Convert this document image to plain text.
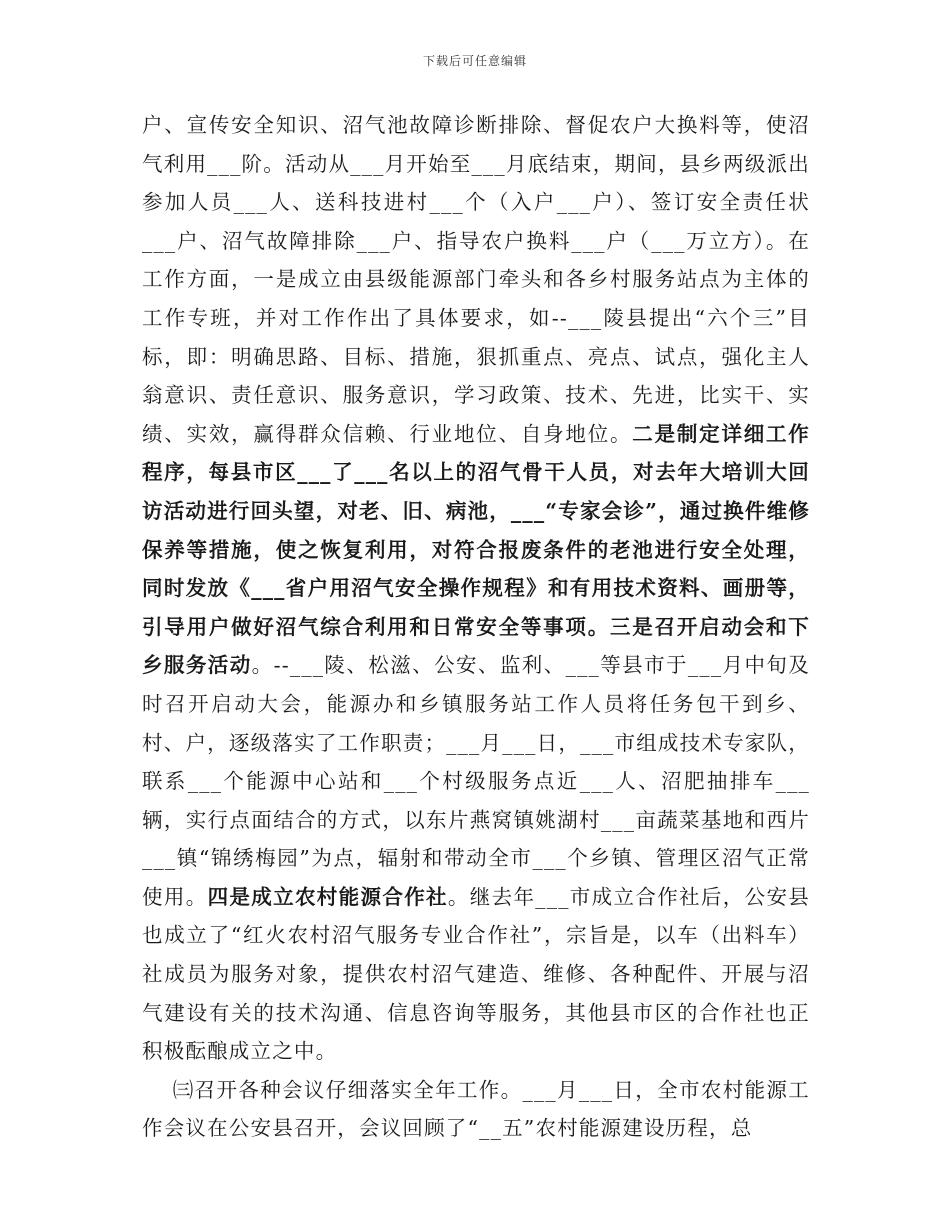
下载后可任意编辑

户、宣传安全知识、沼气池故障诊断排除、督促农户大换料等，使沼气利用___阶。活动从___月开始至___月底结束，期间，县乡两级派出参加人员___人、送科技进村___个（入户___户）、签订安全责任状___户、沼气故障排除___户、指导农户换料___户（___万立方）。在工作方面，一是成立由县级能源部门牵头和各乡村服务站点为主体的工作专班，并对工作作出了具体要求，如--___陵县提出“六个三”目标，即：明确思路、目标、措施，狠抓重点、亮点、试点，强化主人翁意识、责任意识、服务意识，学习政策、技术、先进，比实干、实绩、实效，赢得群众信赖、行业地位、自身地位。二是制定详细工作程序，每县市区___了___名以上的沼气骨干人员，对去年大培训大回访活动进行回头望，对老、旧、病池，___“专家会诊”，通过换件维修保养等措施，使之恢复利用，对符合报废条件的老池进行安全处理，同时发放《___省户用沼气安全操作规程》和有用技术资料、画册等，引导用户做好沼气综合利用和日常安全等事项。三是召开启动会和下乡服务活动。--___陵、松滋、公安、监利、___等县市于___月中旬及时召开启动大会，能源办和乡镇服务站工作人员将任务包干到乡、村、户，逐级落实了工作职责；___月___日，___市组成技术专家队，联系___个能源中心站和___个村级服务点近___人、沼肥抽排车___辆，实行点面结合的方式，以东片燕窝镇姚湖村___亩蔬菜基地和西片___镇“锦绣梅园”为点，辐射和带动全市___个乡镇、管理区沼气正常使用。四是成立农村能源合作社。继去年___市成立合作社后，公安县也成立了“红火农村沼气服务专业合作社”，宗旨是，以车（出料车）社成员为服务对象，提供农村沼气建造、维修、各种配件、开展与沼气建设有关的技术沟通、信息咨询等服务，其他县市区的合作社也正积极酝酿成立之中。

㈢召开各种会议仔细落实全年工作。___月___日，全市农村能源工作会议在公安县召开，会议回顾了“__五”农村能源建设历程，总
